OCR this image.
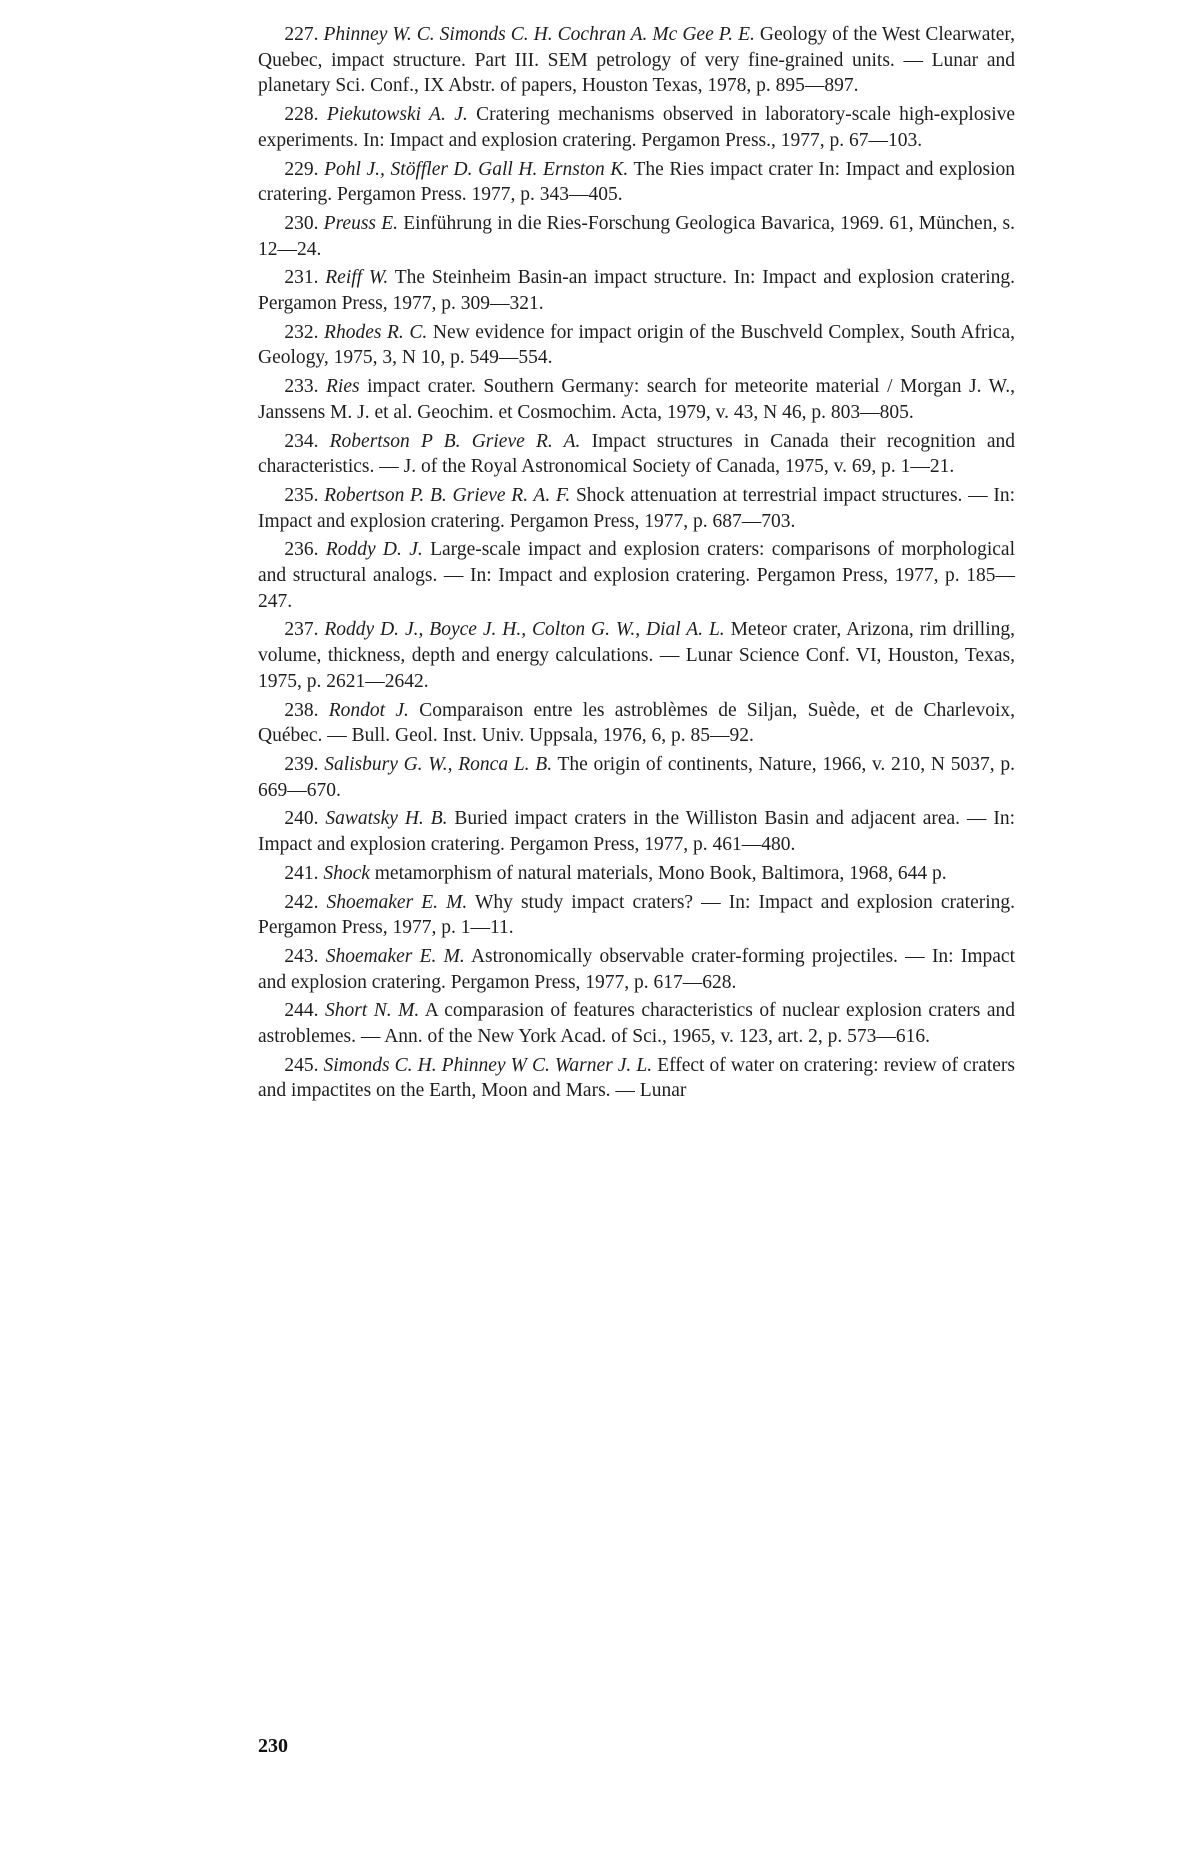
227. Phinney W. C. Simonds C. H. Cochran A. Mc Gee P. E. Geology of the West Clearwater, Quebec, impact structure. Part III. SEM petrology of very fine-grained units. — Lunar and planetary Sci. Conf., IX Abstr. of papers, Houston Texas, 1978, p. 895—897.

228. Piekutowski A. J. Cratering mechanisms observed in laboratory-scale high-explosive experiments. In: Impact and explosion cratering. Pergamon Press., 1977, p. 67—103.

229. Pohl J., Stöffler D. Gall H. Ernston K. The Ries impact crater In: Impact and explosion cratering. Pergamon Press. 1977, p. 343—405.

230. Preuss E. Einführung in die Ries-Forschung Geologica Bavarica, 1969. 61, München, s. 12—24.

231. Reiff W. The Steinheim Basin-an impact structure. In: Impact and explosion cratering. Pergamon Press, 1977, p. 309—321.

232. Rhodes R. C. New evidence for impact origin of the Buschveld Complex, South Africa, Geology, 1975, 3, N 10, p. 549—554.

233. Ries impact crater. Southern Germany: search for meteorite material / Morgan J. W., Janssens M. J. et al. Geochim. et Cosmochim. Acta, 1979, v. 43, N 46, p. 803—805.

234. Robertson P B. Grieve R. A. Impact structures in Canada their recognition and characteristics. — J. of the Royal Astronomical Society of Canada, 1975, v. 69, p. 1—21.

235. Robertson P. B. Grieve R. A. F. Shock attenuation at terrestrial impact structures. — In: Impact and explosion cratering. Pergamon Press, 1977, p. 687—703.

236. Roddy D. J. Large-scale impact and explosion craters: comparisons of morphological and structural analogs. — In: Impact and explosion cratering. Pergamon Press, 1977, p. 185—247.

237. Roddy D. J., Boyce J. H., Colton G. W., Dial A. L. Meteor crater, Arizona, rim drilling, volume, thickness, depth and energy calculations. — Lunar Science Conf. VI, Houston, Texas, 1975, p. 2621—2642.

238. Rondot J. Comparaison entre les astroblèmes de Siljan, Suède, et de Charlevoix, Québec. — Bull. Geol. Inst. Univ. Uppsala, 1976, 6, p. 85—92.

239. Salisbury G. W., Ronca L. B. The origin of continents, Nature, 1966, v. 210, N 5037, p. 669—670.

240. Sawatsky H. B. Buried impact craters in the Williston Basin and adjacent area. — In: Impact and explosion cratering. Pergamon Press, 1977, p. 461—480.

241. Shock metamorphism of natural materials, Mono Book, Baltimora, 1968, 644 p.

242. Shoemaker E. M. Why study impact craters? — In: Impact and explosion cratering. Pergamon Press, 1977, p. 1—11.

243. Shoemaker E. M. Astronomically observable crater-forming projectiles. — In: Impact and explosion cratering. Pergamon Press, 1977, p. 617—628.

244. Short N. M. A comparasion of features characteristics of nuclear explosion craters and astroblemes. — Ann. of the New York Acad. of Sci., 1965, v. 123, art. 2, p. 573—616.

245. Simonds C. H. Phinney W C. Warner J. L. Effect of water on cratering: review of craters and impactites on the Earth, Moon and Mars. — Lunar

230
